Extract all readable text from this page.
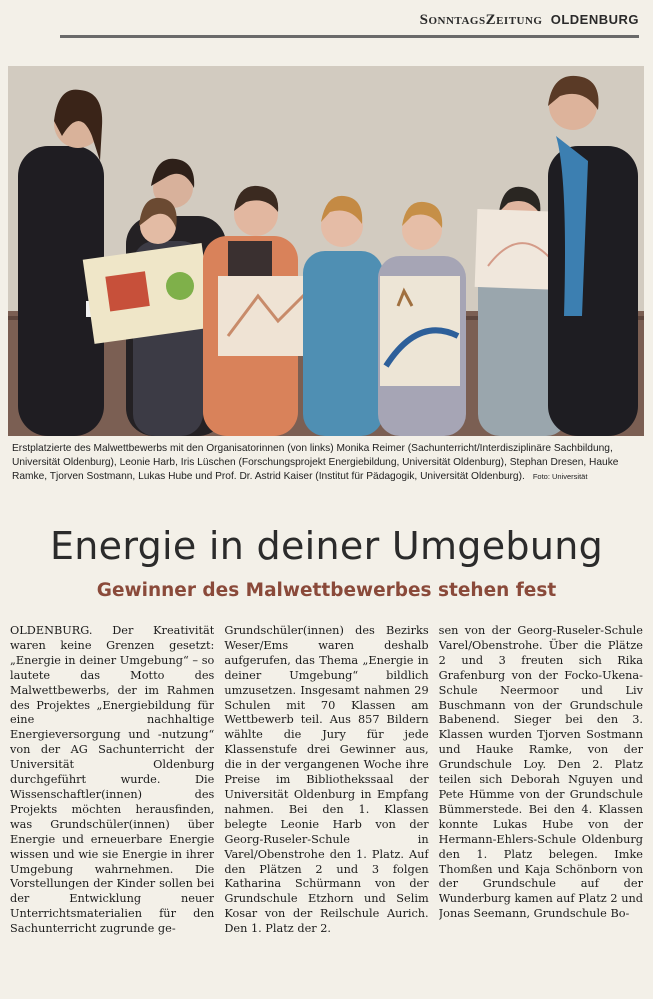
SonntagsZeitung OLDENBURG
Erstplatzierte des Malwettbewerbs mit den Organisatorinnen (von links) Monika Reimer (Sachunterricht/Interdisziplinäre Sachbildung, Universität Oldenburg), Leonie Harb, Iris Lüschen (Forschungsprojekt Energiebildung, Universität Oldenburg), Stephan Dresen, Hauke Ramke, Tjorven Sostmann, Lukas Hube und Prof. Dr. Astrid Kaiser (Institut für Pädagogik, Universität Oldenburg). Foto: Universität
Energie in deiner Umgebung
Gewinner des Malwettbewerbes stehen fest
OLDENBURG. Der Kreativität waren keine Grenzen gesetzt: „Energie in deiner Umgebung“ – so lautete das Motto des Malwettbewerbs, der im Rahmen des Projektes „Energiebildung für eine nachhaltige Energieversorgung und -nutzung“ von der AG Sachunterricht der Universität Oldenburg durchgeführt wurde. Die Wissenschaftler(innen) des Projekts möchten herausfinden, was Grundschüler(innen) über Energie und erneuerbare Energie wissen und wie sie Energie in ihrer Umgebung wahrnehmen. Die Vorstellungen der Kinder sollen bei der Entwicklung neuer Unterrichtsmaterialien für den Sachunterricht zugrunde ge-
Grundschüler(innen) des Bezirks Weser/Ems waren deshalb aufgerufen, das Thema „Energie in deiner Umgebung“ bildlich umzusetzen. Insgesamt nahmen 29 Schulen mit 70 Klassen am Wettbewerb teil. Aus 857 Bildern wählte die Jury für jede Klassenstufe drei Gewinner aus, die in der vergangenen Woche ihre Preise im Bibliothekssaal der Universität Oldenburg in Empfang nahmen. Bei den 1. Klassen belegte Leonie Harb von der Georg-Ruseler-Schule in Varel/Obenstrohe den 1. Platz. Auf den Plätzen 2 und 3 folgen Katharina Schürmann von der Grundschule Etzhorn und Selim Kosar von der Reilschule Aurich. Den 1. Platz der 2.
sen von der Georg-Ruseler-Schule Varel/Obenstrohe. Über die Plätze 2 und 3 freuten sich Rika Grafenburg von der Focko-Ukena-Schule Neermoor und Liv Buschmann von der Grundschule Babenend. Sieger bei den 3. Klassen wurden Tjorven Sostmann und Hauke Ramke, von der Grundschule Loy. Den 2. Platz teilen sich Deborah Nguyen und Pete Hümme von der Grundschule Bümmerstede. Bei den 4. Klassen konnte Lukas Hube von der Hermann-Ehlers-Schule Oldenburg den 1. Platz belegen. Imke Thomßen und Kaja Schönborn von der Grundschule auf der Wunderburg kamen auf Platz 2 und Jonas Seemann, Grundschule Bo-
